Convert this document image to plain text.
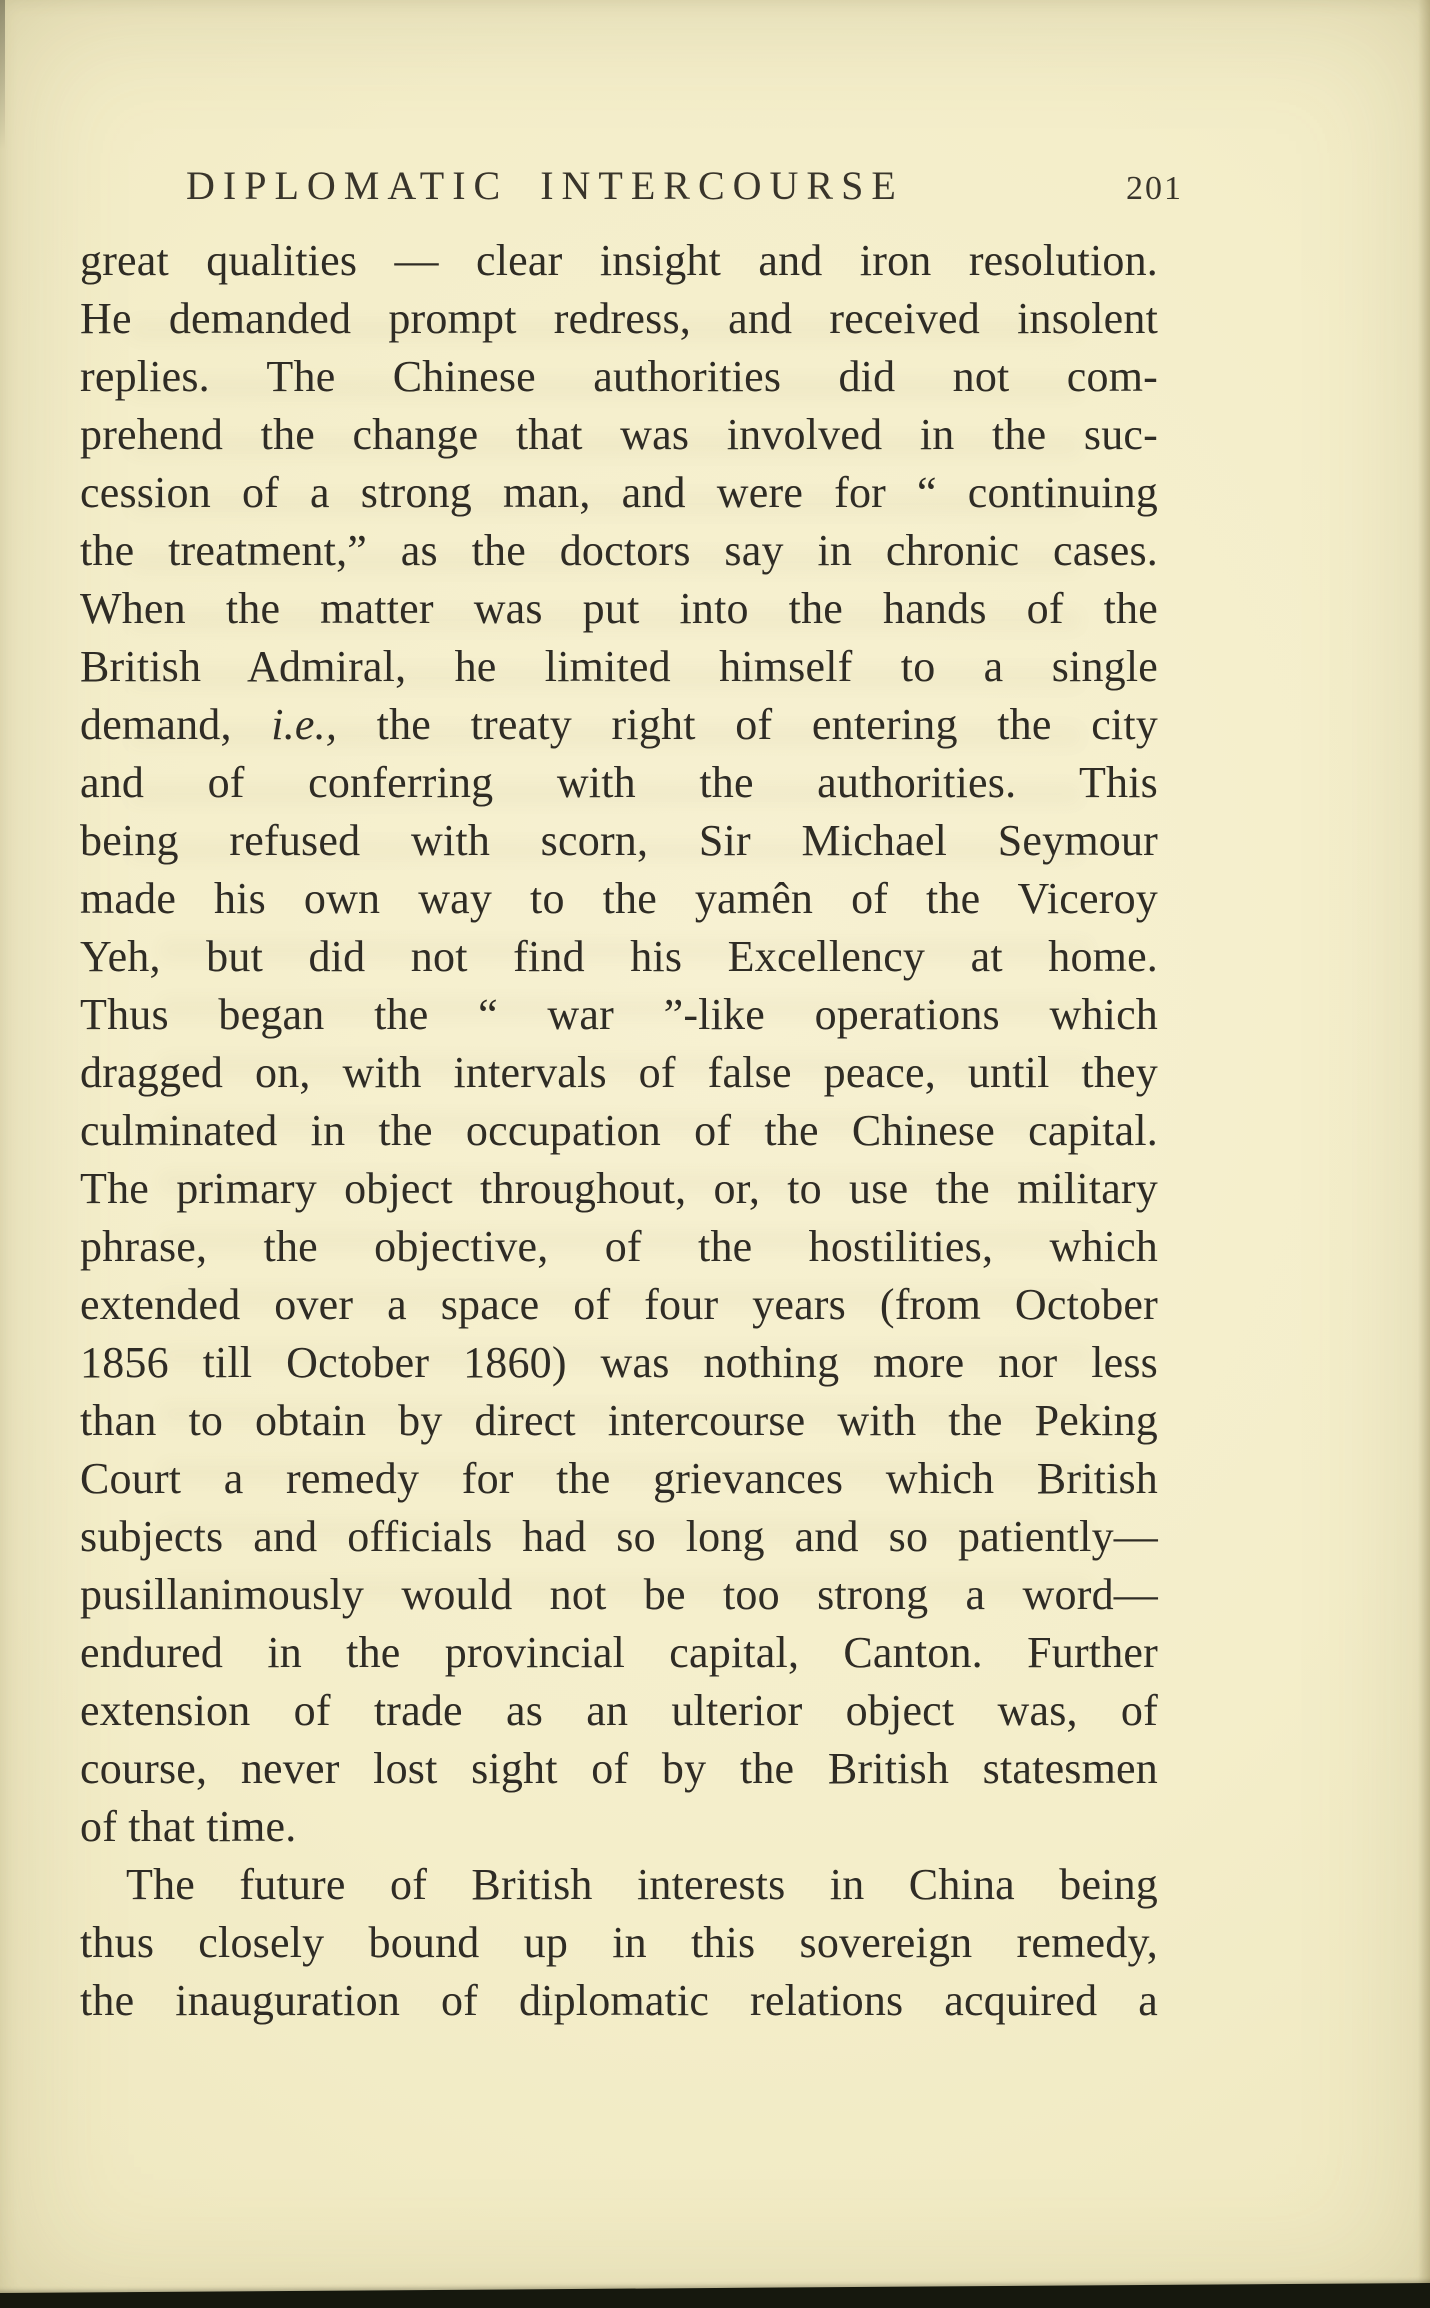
DIPLOMATIC INTERCOURSE	201
great qualities — clear insight and iron resolution.
He demanded prompt redress, and received insolent
replies. The Chinese authorities did not com-
prehend the change that was involved in the suc-
cession of a strong man, and were for “ continuing
the treatment,” as the doctors say in chronic cases.
When the matter was put into the hands of the
British Admiral, he limited himself to a single
demand, i.e., the treaty right of entering the city
and of conferring with the authorities. This
being refused with scorn, Sir Michael Seymour
made his own way to the yamên of the Viceroy
Yeh, but did not find his Excellency at home.
Thus began the “ war ”-like operations which
dragged on, with intervals of false peace, until they
culminated in the occupation of the Chinese capital.
The primary object throughout, or, to use the military
phrase, the objective, of the hostilities, which
extended over a space of four years (from October
1856 till October 1860) was nothing more nor less
than to obtain by direct intercourse with the Peking
Court a remedy for the grievances which British
subjects and officials had so long and so patiently—
pusillanimously would not be too strong a word—
endured in the provincial capital, Canton. Further
extension of trade as an ulterior object was, of
course, never lost sight of by the British statesmen
of that time.
The future of British interests in China being
thus closely bound up in this sovereign remedy,
the inauguration of diplomatic relations acquired a
